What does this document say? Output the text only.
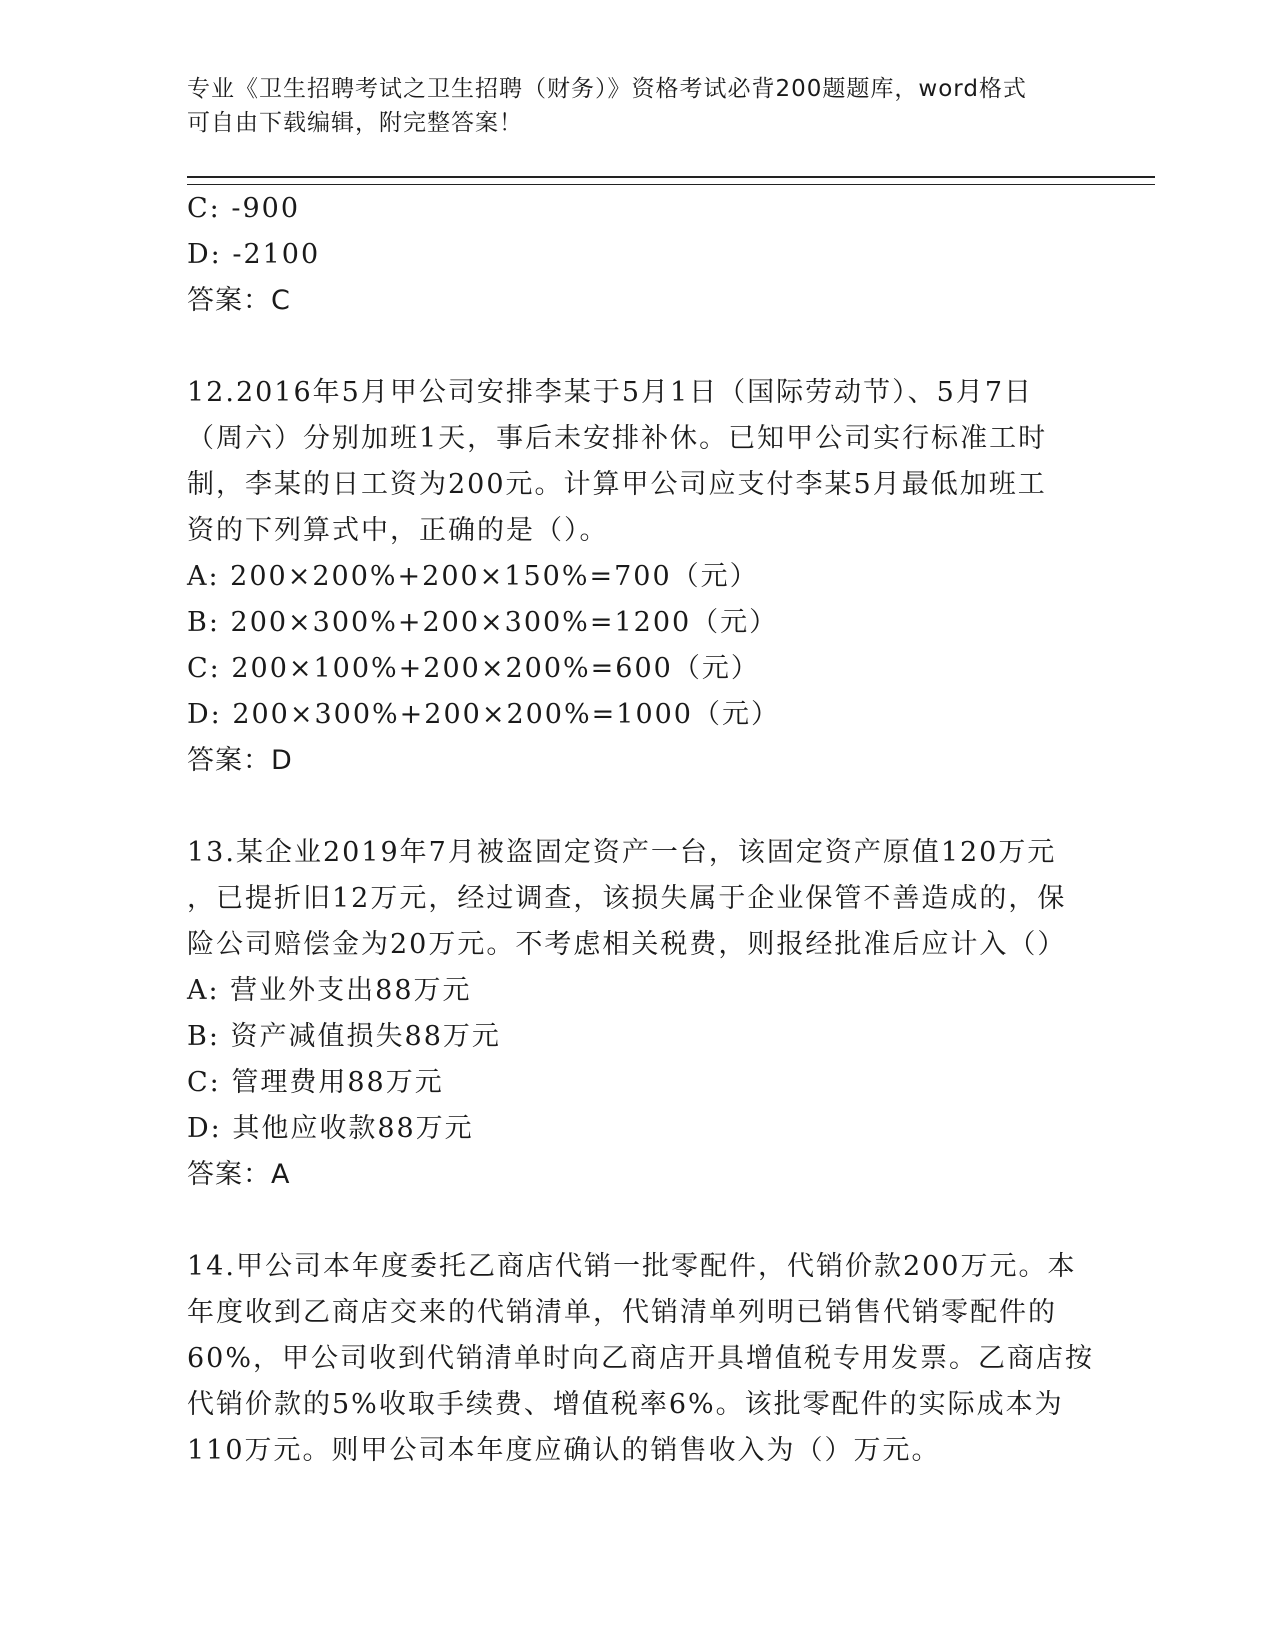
专业《卫生招聘考试之卫生招聘（财务）》资格考试必背200题题库，word格式
可自由下载编辑，附完整答案！
C: -900
D: -2100
答案：C
12.2016年5月甲公司安排李某于5月1日（国际劳动节）、5月7日
（周六）分别加班1天，事后未安排补休。已知甲公司实行标准工时
制，李某的日工资为200元。计算甲公司应支付李某5月最低加班工
资的下列算式中，正确的是（）。
A: 200×200%+200×150%=700（元）
B: 200×300%+200×300%=1200（元）
C: 200×100%+200×200%=600（元）
D: 200×300%+200×200%=1000（元）
答案：D
13.某企业2019年7月被盗固定资产一台，该固定资产原值120万元
，已提折旧12万元，经过调查，该损失属于企业保管不善造成的，保
险公司赔偿金为20万元。不考虑相关税费，则报经批准后应计入（）
A: 营业外支出88万元
B: 资产减值损失88万元
C: 管理费用88万元
D: 其他应收款88万元
答案：A
14.甲公司本年度委托乙商店代销一批零配件，代销价款200万元。本
年度收到乙商店交来的代销清单，代销清单列明已销售代销零配件的
60%，甲公司收到代销清单时向乙商店开具增值税专用发票。乙商店按
代销价款的5%收取手续费、增值税率6%。该批零配件的实际成本为
110万元。则甲公司本年度应确认的销售收入为（）万元。
